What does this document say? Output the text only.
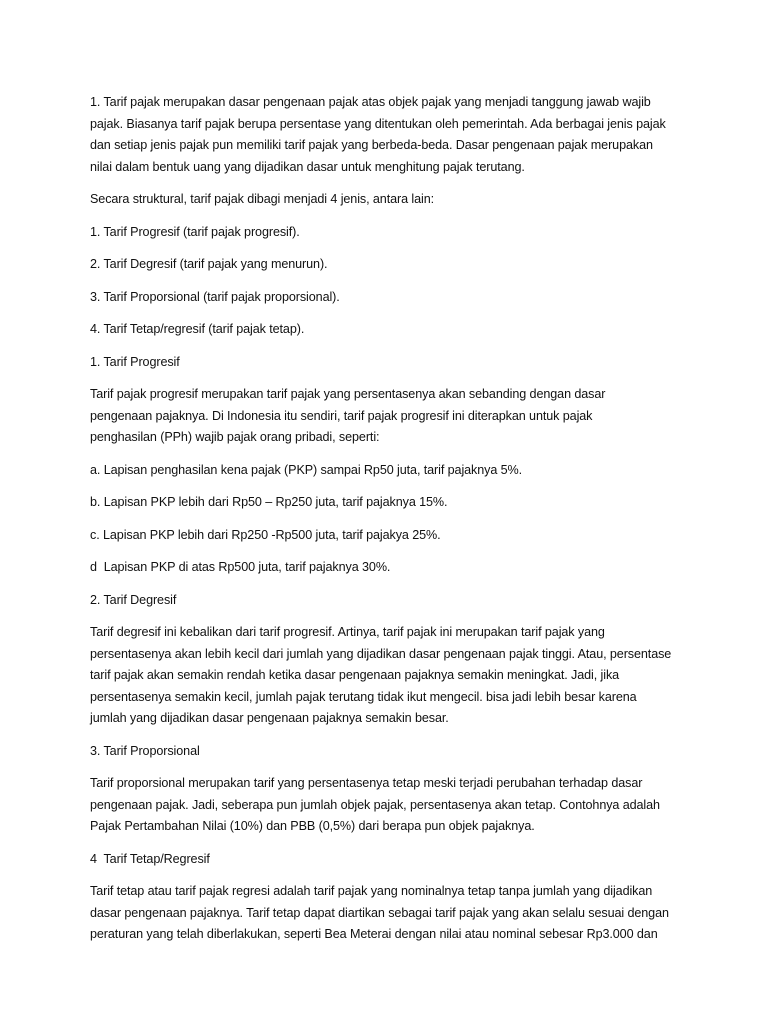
1. Tarif pajak merupakan dasar pengenaan pajak atas objek pajak yang menjadi tanggung jawab wajib pajak. Biasanya tarif pajak berupa persentase yang ditentukan oleh pemerintah. Ada berbagai jenis pajak dan setiap jenis pajak pun memiliki tarif pajak yang berbeda-beda. Dasar pengenaan pajak merupakan nilai dalam bentuk uang yang dijadikan dasar untuk menghitung pajak terutang.

Secara struktural, tarif pajak dibagi menjadi 4 jenis, antara lain:

1. Tarif Progresif (tarif pajak progresif).

2. Tarif Degresif (tarif pajak yang menurun).

3. Tarif Proporsional (tarif pajak proporsional).

4. Tarif Tetap/regresif (tarif pajak tetap).

1. Tarif Progresif

Tarif pajak progresif merupakan tarif pajak yang persentasenya akan sebanding dengan dasar pengenaan pajaknya. Di Indonesia itu sendiri, tarif pajak progresif ini diterapkan untuk pajak penghasilan (PPh) wajib pajak orang pribadi, seperti:

a. Lapisan penghasilan kena pajak (PKP) sampai Rp50 juta, tarif pajaknya 5%.

b. Lapisan PKP lebih dari Rp50 – Rp250 juta, tarif pajaknya 15%.

c. Lapisan PKP lebih dari Rp250 -Rp500 juta, tarif pajakya 25%.

d  Lapisan PKP di atas Rp500 juta, tarif pajaknya 30%.

2. Tarif Degresif

Tarif degresif ini kebalikan dari tarif progresif. Artinya, tarif pajak ini merupakan tarif pajak yang persentasenya akan lebih kecil dari jumlah yang dijadikan dasar pengenaan pajak tinggi. Atau, persentase tarif pajak akan semakin rendah ketika dasar pengenaan pajaknya semakin meningkat. Jadi, jika persentasenya semakin kecil, jumlah pajak terutang tidak ikut mengecil. bisa jadi lebih besar karena jumlah yang dijadikan dasar pengenaan pajaknya semakin besar.

3. Tarif Proporsional

Tarif proporsional merupakan tarif yang persentasenya tetap meski terjadi perubahan terhadap dasar pengenaan pajak. Jadi, seberapa pun jumlah objek pajak, persentasenya akan tetap. Contohnya adalah Pajak Pertambahan Nilai (10%) dan PBB (0,5%) dari berapa pun objek pajaknya.

4  Tarif Tetap/Regresif

Tarif tetap atau tarif pajak regresi adalah tarif pajak yang nominalnya tetap tanpa jumlah yang dijadikan dasar pengenaan pajaknya. Tarif tetap dapat diartikan sebagai tarif pajak yang akan selalu sesuai dengan peraturan yang telah diberlakukan, seperti Bea Meterai dengan nilai atau nominal sebesar Rp3.000 dan
